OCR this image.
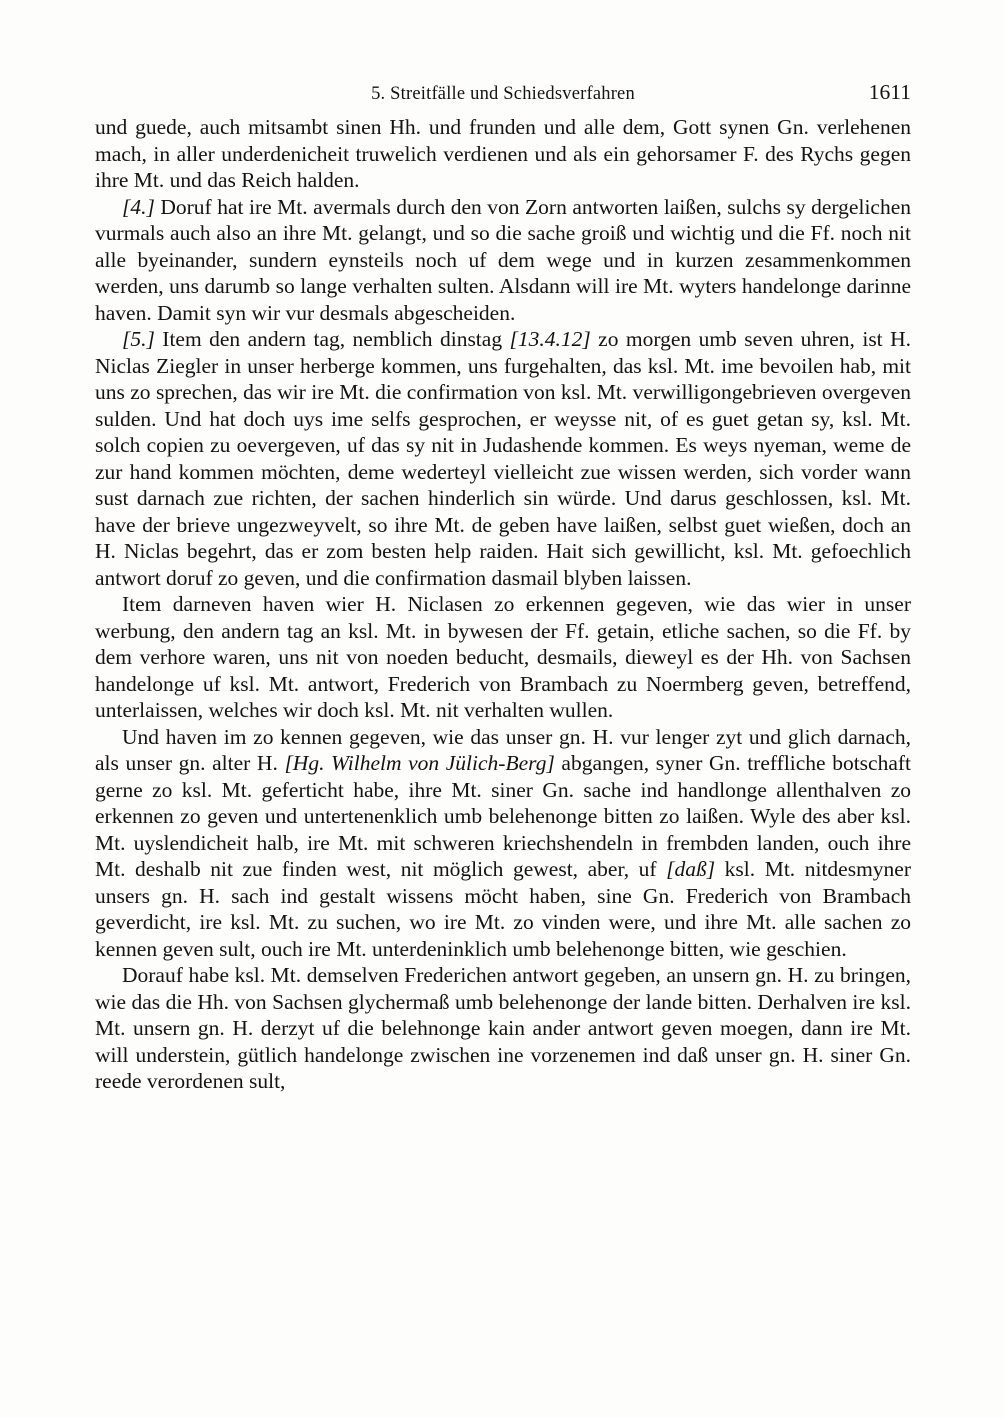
5. Streitfälle und Schiedsverfahren	1611

und guede, auch mitsambt sinen Hh. und frunden und alle dem, Gott synen Gn. verlehenen mach, in aller underdenicheit truwelich verdienen und als ein gehorsamer F. des Rychs gegen ihre Mt. und das Reich halden.

[4.] Doruf hat ire Mt. avermals durch den von Zorn antworten laißen, sulchs sy dergelichen vurmals auch also an ihre Mt. gelangt, und so die sache groiß und wichtig und die Ff. noch nit alle byeinander, sundern eynsteils noch uf dem wege und in kurzen zesammenkommen werden, uns darumb so lange verhalten sulten. Alsdann will ire Mt. wyters handelonge darinne haven. Damit syn wir vur desmals abgescheiden.

[5.] Item den andern tag, nemblich dinstag [13.4.12] zo morgen umb seven uhren, ist H. Niclas Ziegler in unser herberge kommen, uns furgehalten, das ksl. Mt. ime bevoilen hab, mit uns zo sprechen, das wir ire Mt. die confirmation von ksl. Mt. verwilligongebrieven overgeven sulden. Und hat doch uys ime selfs gesprochen, er weysse nit, of es guet getan sy, ksl. Mt. solch copien zu oevergeven, uf das sy nit in Judashende kommen. Es weys nyeman, weme de zur hand kommen möchten, deme wederteyl vielleicht zue wissen werden, sich vorder wann sust darnach zue richten, der sachen hinderlich sin würde. Und darus geschlossen, ksl. Mt. have der brieve ungezweyvelt, so ihre Mt. de geben have laißen, selbst guet wießen, doch an H. Niclas begehrt, das er zom besten help raiden. Hait sich gewillicht, ksl. Mt. gefoechlich antwort doruf zo geven, und die confirmation dasmail blyben laissen.

Item darneven haven wier H. Niclasen zo erkennen gegeven, wie das wier in unser werbung, den andern tag an ksl. Mt. in bywesen der Ff. getain, etliche sachen, so die Ff. by dem verhore waren, uns nit von noeden beducht, desmails, dieweyl es der Hh. von Sachsen handelonge uf ksl. Mt. antwort, Frederich von Brambach zu Noermberg geven, betreffend, unterlaissen, welches wir doch ksl. Mt. nit verhalten wullen.

Und haven im zo kennen gegeven, wie das unser gn. H. vur lenger zyt und glich darnach, als unser gn. alter H. [Hg. Wilhelm von Jülich-Berg] abgangen, syner Gn. treffliche botschaft gerne zo ksl. Mt. geferticht habe, ihre Mt. siner Gn. sache ind handlonge allenthalven zo erkennen zo geven und untertenenklich umb belehenonge bitten zo laißen. Wyle des aber ksl. Mt. uyslendicheit halb, ire Mt. mit schweren kriechshendeln in frembden landen, ouch ihre Mt. deshalb nit zue finden west, nit möglich gewest, aber, uf [daß] ksl. Mt. nitdesmyner unsers gn. H. sach ind gestalt wissens möcht haben, sine Gn. Frederich von Brambach geverdicht, ire ksl. Mt. zu suchen, wo ire Mt. zo vinden were, und ihre Mt. alle sachen zo kennen geven sult, ouch ire Mt. unterdeninklich umb belehenonge bitten, wie geschien.

Dorauf habe ksl. Mt. demselven Frederichen antwort gegeben, an unsern gn. H. zu bringen, wie das die Hh. von Sachsen glychermaß umb belehenonge der lande bitten. Derhalven ire ksl. Mt. unsern gn. H. derzyt uf die belehnonge kain ander antwort geven moegen, dann ire Mt. will understein, gütlich handelonge zwischen ine vorzenemen ind daß unser gn. H. siner Gn. reede verordenen sult,
